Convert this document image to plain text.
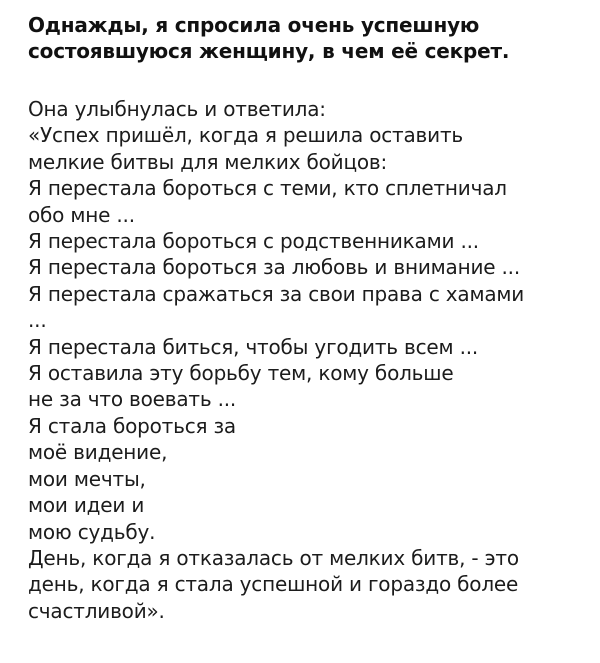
Однажды, я спросила очень успешную
состоявшуюся женщину, в чем её секрет.
Она улыбнулась и ответила:
«Успех пришёл, когда я решила оставить
мелкие битвы для мелких бойцов:
Я перестала бороться с теми, кто сплетничал
обо мне ...
Я перестала бороться с родственниками ...
Я перестала бороться за любовь и внимание ...
Я перестала сражаться за свои права с хамами
...
Я перестала биться, чтобы угодить всем ...
Я оставила эту борьбу тем, кому больше
не за что воевать ...
Я стала бороться за
моё видение,
мои мечты,
мои идеи и
мою судьбу.
День, когда я отказалась от мелких битв, - это
день, когда я стала успешной и гораздо более
счастливой».
